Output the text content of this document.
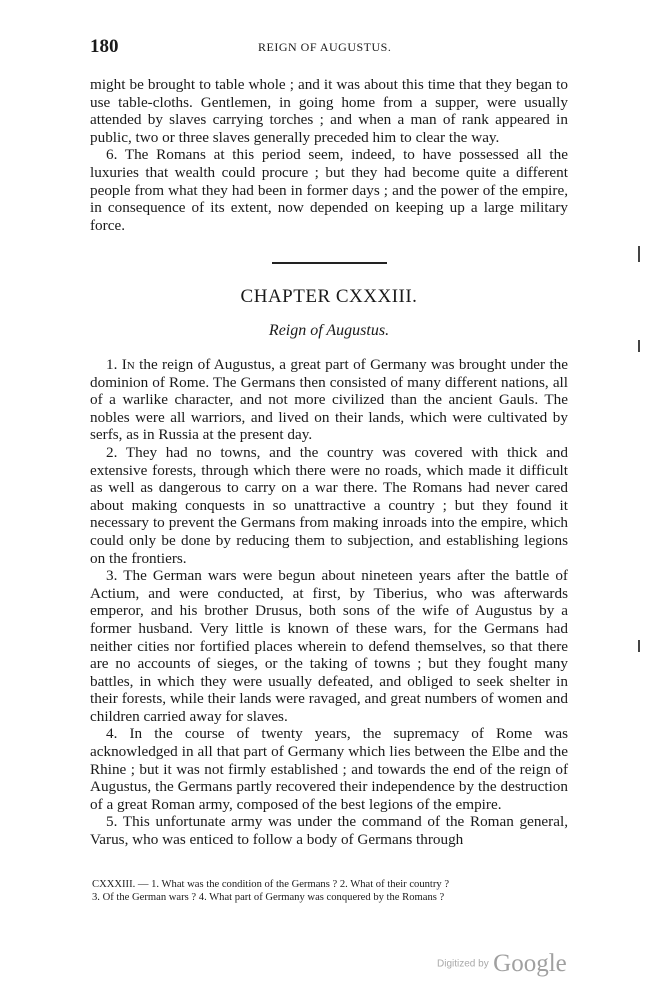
180	REIGN OF AUGUSTUS.

might be brought to table whole ; and it was about this time that they began to use table-cloths. Gentlemen, in going home from a supper, were usually attended by slaves carrying torches ; and when a man of rank appeared in public, two or three slaves generally preceded him to clear the way.

6. The Romans at this period seem, indeed, to have possessed all the luxuries that wealth could procure ; but they had become quite a different people from what they had been in former days ; and the power of the empire, in consequence of its extent, now depended on keeping up a large military force.

CHAPTER CXXXIII.
Reign of Augustus.

1. In the reign of Augustus, a great part of Germany was brought under the dominion of Rome. The Germans then consisted of many different nations, all of a warlike character, and not more civilized than the ancient Gauls. The nobles were all warriors, and lived on their lands, which were cultivated by serfs, as in Russia at the present day.

2. They had no towns, and the country was covered with thick and extensive forests, through which there were no roads, which made it difficult as well as dangerous to carry on a war there. The Romans had never cared about making conquests in so unattractive a country ; but they found it necessary to prevent the Germans from making inroads into the empire, which could only be done by reducing them to subjection, and establishing legions on the frontiers.

3. The German wars were begun about nineteen years after the battle of Actium, and were conducted, at first, by Tiberius, who was afterwards emperor, and his brother Drusus, both sons of the wife of Augustus by a former husband. Very little is known of these wars, for the Germans had neither cities nor fortified places wherein to defend themselves, so that there are no accounts of sieges, or the taking of towns ; but they fought many battles, in which they were usually defeated, and obliged to seek shelter in their forests, while their lands were ravaged, and great numbers of women and children carried away for slaves.

4. In the course of twenty years, the supremacy of Rome was acknowledged in all that part of Germany which lies between the Elbe and the Rhine ; but it was not firmly established ; and towards the end of the reign of Augustus, the Germans partly recovered their independence by the destruction of a great Roman army, composed of the best legions of the empire.

5. This unfortunate army was under the command of the Roman general, Varus, who was enticed to follow a body of Germans through

CXXXIII. — 1. What was the condition of the Germans ? 2. What of their country ?
3. Of the German wars ? 4. What part of Germany was conquered by the Romans ?
Digitized by Google
